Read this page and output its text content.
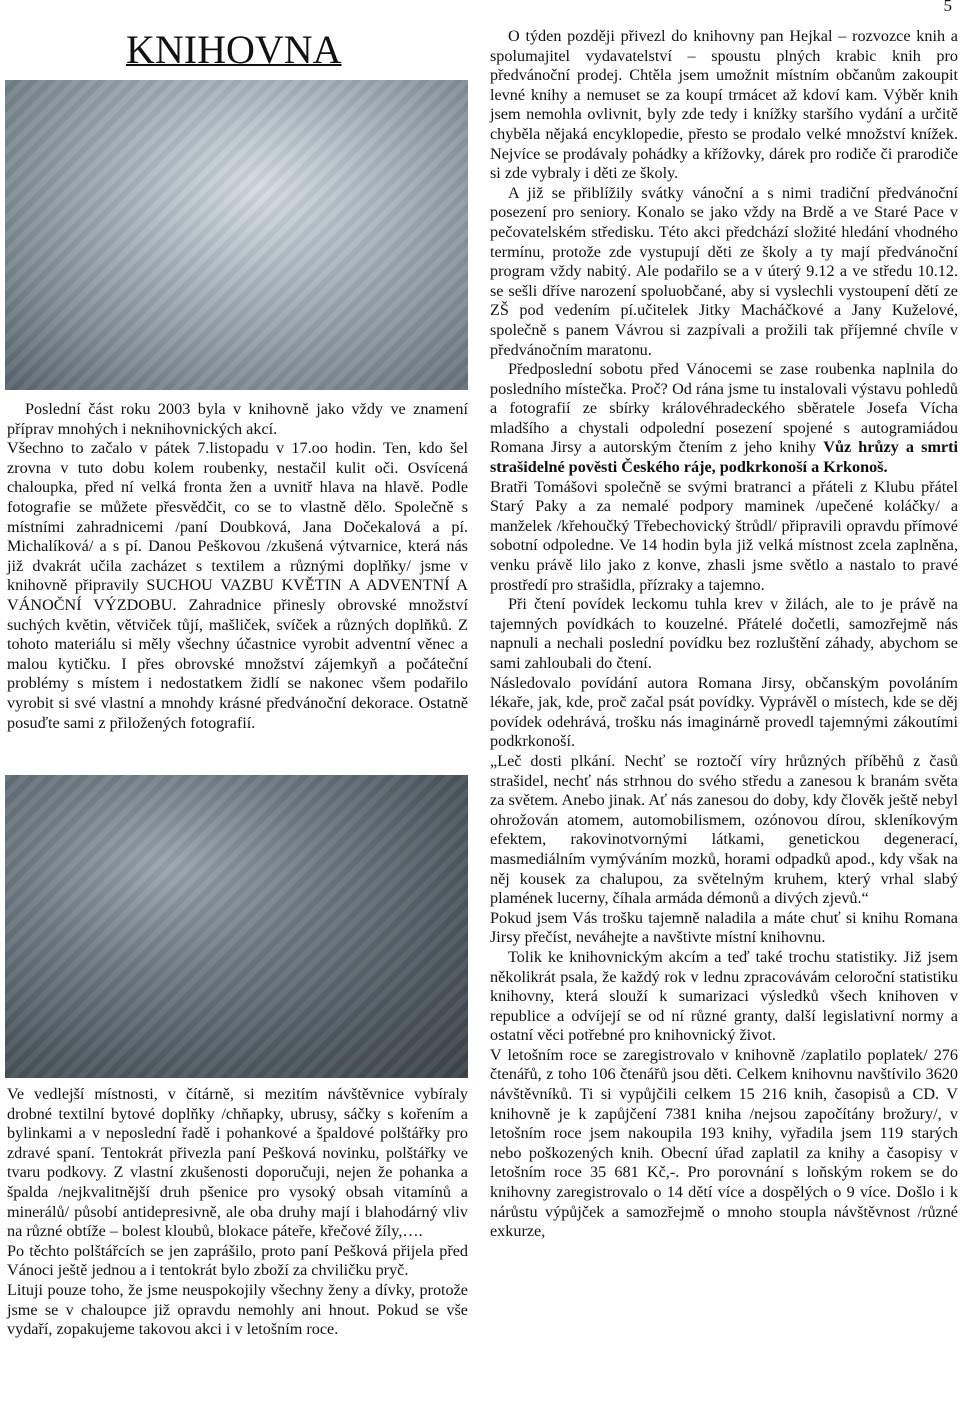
5
KNIHOVNA

Poslední část roku 2003 byla v knihovně jako vždy ve znamení příprav mnohých i neknihovnických akcí.

Všechno to začalo v pátek 7.listopadu v 17.oo hodin. Ten, kdo šel zrovna v tuto dobu kolem roubenky, nestačil kulit oči. Osvícená chaloupka, před ní velká fronta žen a uvnitř hlava na hlavě. Podle fotografie se můžete přesvědčit, co se to vlastně dělo. Společně s místními zahradnicemi /paní Doubková, Jana Dočekalová a pí. Michalíková/ a s pí. Danou Peškovou /zkušená výtvarnice, která nás již dvakrát učila zacházet s textilem a různými doplňky/ jsme v knihovně připravily SUCHOU VAZBU KVĚTIN A ADVENTNÍ A VÁNOČNÍ VÝZDOBU. Zahradnice přinesly obrovské množství suchých květin, větviček tůjí, mašliček, svíček a různých doplňků. Z tohoto materiálu si měly všechny účastnice vyrobit adventní věnec a malou kytičku. I přes obrovské množství zájemkyň a počáteční problémy s místem i nedostatkem židlí se nakonec všem podařilo vyrobit si své vlastní a mnohdy krásné předvánoční dekorace. Ostatně posuďte sami z přiložených fotografií.

Ve vedlejší místnosti, v čítárně, si mezitím návštěvnice vybíraly drobné textilní bytové doplňky /chňapky, ubrusy, sáčky s kořením a bylinkami a v neposlední řadě i pohankové a špaldové polštářky pro zdravé spaní. Tentokrát přivezla paní Pešková novinku, polštářky ve tvaru podkovy. Z vlastní zkušenosti doporučuji, nejen že pohanka a špalda /nejkvalitnější druh pšenice pro vysoký obsah vitamínů a minerálů/ působí antidepresivně, ale oba druhy mají i blahodárný vliv na různé obtíže – bolest kloubů, blokace páteře, křečové žíly,….

Po těchto polštářcích se jen zaprášilo, proto paní Pešková přijela před Vánoci ještě jednou a i tentokrát bylo zboží za chviličku pryč.

Lituji pouze toho, že jsme neuspokojily všechny ženy a dívky, protože jsme se v chaloupce již opravdu nemohly ani hnout. Pokud se vše vydaří, zopakujeme takovou akci i v letošním roce.

O týden později přivezl do knihovny pan Hejkal – rozvozce knih a spolumajitel vydavatelství – spoustu plných krabic knih pro předvánoční prodej. Chtěla jsem umožnit místním občanům zakoupit levné knihy a nemuset se za koupí trmácet až kdoví kam. Výběr knih jsem nemohla ovlivnit, byly zde tedy i knížky staršího vydání a určitě chyběla nějaká encyklopedie, přesto se prodalo velké množství knížek. Nejvíce se prodávaly pohádky a křížovky, dárek pro rodiče či prarodiče si zde vybraly i děti ze školy.

A již se přiblížily svátky vánoční a s nimi tradiční předvánoční posezení pro seniory. Konalo se jako vždy na Brdě a ve Staré Pace v pečovatelském středisku. Této akci předchází složité hledání vhodného termínu, protože zde vystupují děti ze školy a ty mají předvánoční program vždy nabitý. Ale podařilo se a v úterý 9.12 a ve středu 10.12. se sešli dříve narození spoluobčané, aby si vyslechli vystoupení dětí ze ZŠ pod vedením pí.učitelek Jitky Macháčkové a Jany Kuželové, společně s panem Vávrou si zazpívali a prožili tak příjemné chvíle v předvánočním maratonu.

Předposlední sobotu před Vánocemi se zase roubenka naplnila do posledního místečka. Proč? Od rána jsme tu instalovali výstavu pohledů a fotografií ze sbírky královéhradeckého sběratele Josefa Vícha mladšího a chystali odpolední posezení spojené s autogramiádou Romana Jirsy a autorským čtením z jeho knihy Vůz hrůzy a smrti strašidelné pověsti Českého ráje, podkrkonoší a Krkonoš.

Bratři Tomášovi společně se svými bratranci a přáteli z Klubu přátel Starý Paky a za nemalé podpory maminek /upečené koláčky/ a manželek /křehoučký Třebechovický štrůdl/ připravili opravdu přímové sobotní odpoledne. Ve 14 hodin byla již velká místnost zcela zaplněna, venku právě lilo jako z konve, zhasli jsme světlo a nastalo to pravé prostředí pro strašidla, přízraky a tajemno.

Při čtení povídek leckomu tuhla krev v žilách, ale to je právě na tajemných povídkách to kouzelné. Přátelé dočetli, samozřejmě nás napnuli a nechali poslední povídku bez rozluštění záhady, abychom se sami zahloubali do čtení.

Následovalo povídání autora Romana Jirsy, občanským povoláním lékaře, jak, kde, proč začal psát povídky. Vyprávěl o místech, kde se děj povídek odehrává, trošku nás imaginárně provedl tajemnými zákoutími podkrkonoší.

„Leč dosti plkání. Nechť se roztočí víry hrůzných příběhů z časů strašidel, nechť nás strhnou do svého středu a zanesou k branám světa za světem. Anebo jinak. Ať nás zanesou do doby, kdy člověk ještě nebyl ohrožován atomem, automobilismem, ozónovou dírou, skleníkovým efektem, rakovinotvornými látkami, genetickou degenerací, masmediálním vymýváním mozků, horami odpadků apod., kdy však na něj kousek za chalupou, za světelným kruhem, který vrhal slabý plamének lucerny, číhala armáda démonů a divých zjevů.“

Pokud jsem Vás trošku tajemně naladila a máte chuť si knihu Romana Jirsy přečíst, neváhejte a navštivte místní knihovnu.

Tolik ke knihovnickým akcím a teď také trochu statistiky. Již jsem několikrát psala, že každý rok v lednu zpracovávám celoroční statistiku knihovny, která slouží k sumarizaci výsledků všech knihoven v republice a odvíjejí se od ní různé granty, další legislativní normy a ostatní věci potřebné pro knihovnický život.

V letošním roce se zaregistrovalo v knihovně /zaplatilo poplatek/ 276 čtenářů, z toho 106 čtenářů jsou děti. Celkem knihovnu navštívilo 3620 návštěvníků. Ti si vypůjčili celkem 15 216 knih, časopisů a CD. V knihovně je k zapůjčení 7381 kniha /nejsou započítány brožury/, v letošním roce jsem nakoupila 193 knihy, vyřadila jsem 119 starých nebo poškozených knih. Obecní úřad zaplatil za knihy a časopisy v letošním roce 35 681 Kč,-. Pro porovnání s loňským rokem se do knihovny zaregistrovalo o 14 dětí více a dospělých o 9 více. Došlo i k nárůstu výpůjček a samozřejmě o mnoho stoupla návštěvnost /různé exkurze,
